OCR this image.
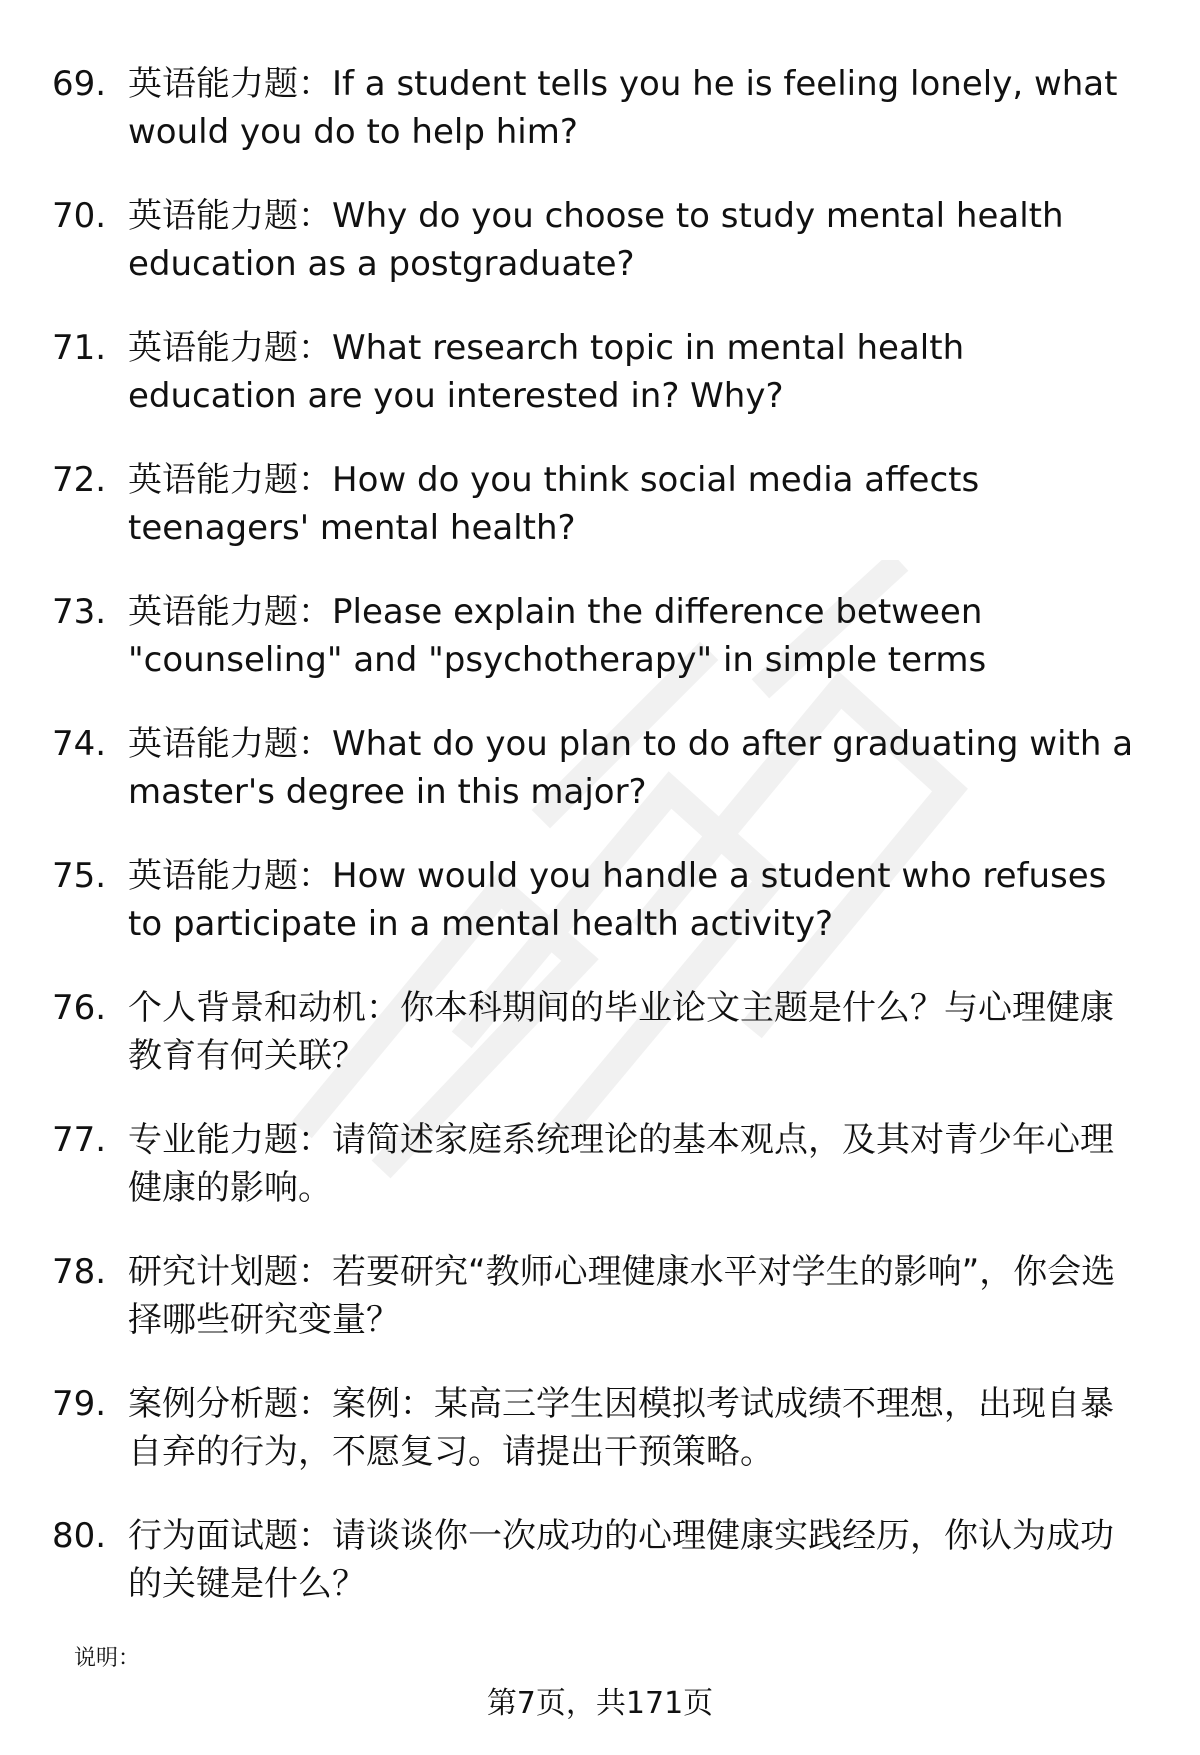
69. 英语能力题：If a student tells you he is feeling lonely, what would you do to help him?
70. 英语能力题：Why do you choose to study mental health education as a postgraduate?
71. 英语能力题：What research topic in mental health education are you interested in? Why?
72. 英语能力题：How do you think social media affects teenagers' mental health?
73. 英语能力题：Please explain the difference between "counseling" and "psychotherapy" in simple terms
74. 英语能力题：What do you plan to do after graduating with a master's degree in this major?
75. 英语能力题：How would you handle a student who refuses to participate in a mental health activity?
76. 个人背景和动机：你本科期间的毕业论文主题是什么？与心理健康教育有何关联？
77. 专业能力题：请简述家庭系统理论的基本观点，及其对青少年心理健康的影响。
78. 研究计划题：若要研究“教师心理健康水平对学生的影响”，你会选择哪些研究变量？
79. 案例分析题：案例：某高三学生因模拟考试成绩不理想，出现自暴自弃的行为，不愿复习。请提出干预策略。
80. 行为面试题：请谈谈你一次成功的心理健康实践经历，你认为成功的关键是什么？
说明：
第7页，共171页
